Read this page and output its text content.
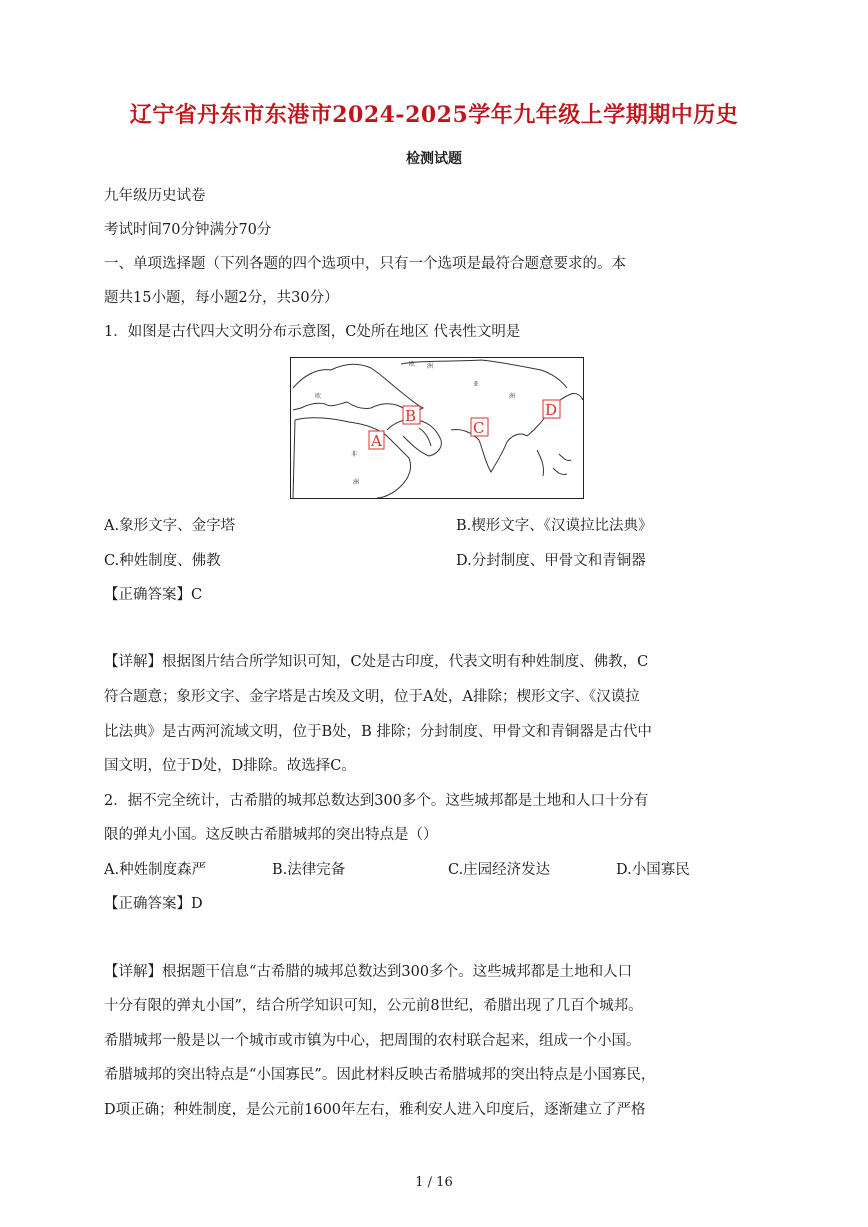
辽宁省丹东市东港市2024-2025学年九年级上学期期中历史
检测试题
九年级历史试卷
考试时间70分钟满分70分
一、单项选择题（下列各题的四个选项中，只有一个选项是最符合题意要求的。本
题共15小题，每小题2分，共30分）
1．如图是古代四大文明分布示意图，C处所在地区 代表性文明是
欧 洲
亚
洲
非
洲
欧
A
B
C
D
A.象形文字、金字塔	B.楔形文字、《汉谟拉比法典》
C.种姓制度、佛教	D.分封制度、甲骨文和青铜器
【正确答案】C
【详解】根据图片结合所学知识可知，C处是古印度，代表文明有种姓制度、佛教，C
符合题意；象形文字、金字塔是古埃及文明，位于A处，A排除；楔形文字、《汉谟拉
比法典》是古两河流域文明，位于B处，B 排除；分封制度、甲骨文和青铜器是古代中
国文明，位于D处，D排除。故选择C。
2．据不完全统计，古希腊的城邦总数达到300多个。这些城邦都是土地和人口十分有
限的弹丸小国。这反映古希腊城邦的突出特点是（）
A.种姓制度森严	B.法律完备	C.庄园经济发达	D.小国寡民
【正确答案】D
【详解】根据题干信息“古希腊的城邦总数达到300多个。这些城邦都是土地和人口
十分有限的弹丸小国”，结合所学知识可知，公元前8世纪，希腊出现了几百个城邦。
希腊城邦一般是以一个城市或市镇为中心，把周围的农村联合起来，组成一个小国。
希腊城邦的突出特点是“小国寡民”。因此材料反映古希腊城邦的突出特点是小国寡民，
D项正确；种姓制度，是公元前1600年左右，雅利安人进入印度后，逐渐建立了严格
1 / 16
